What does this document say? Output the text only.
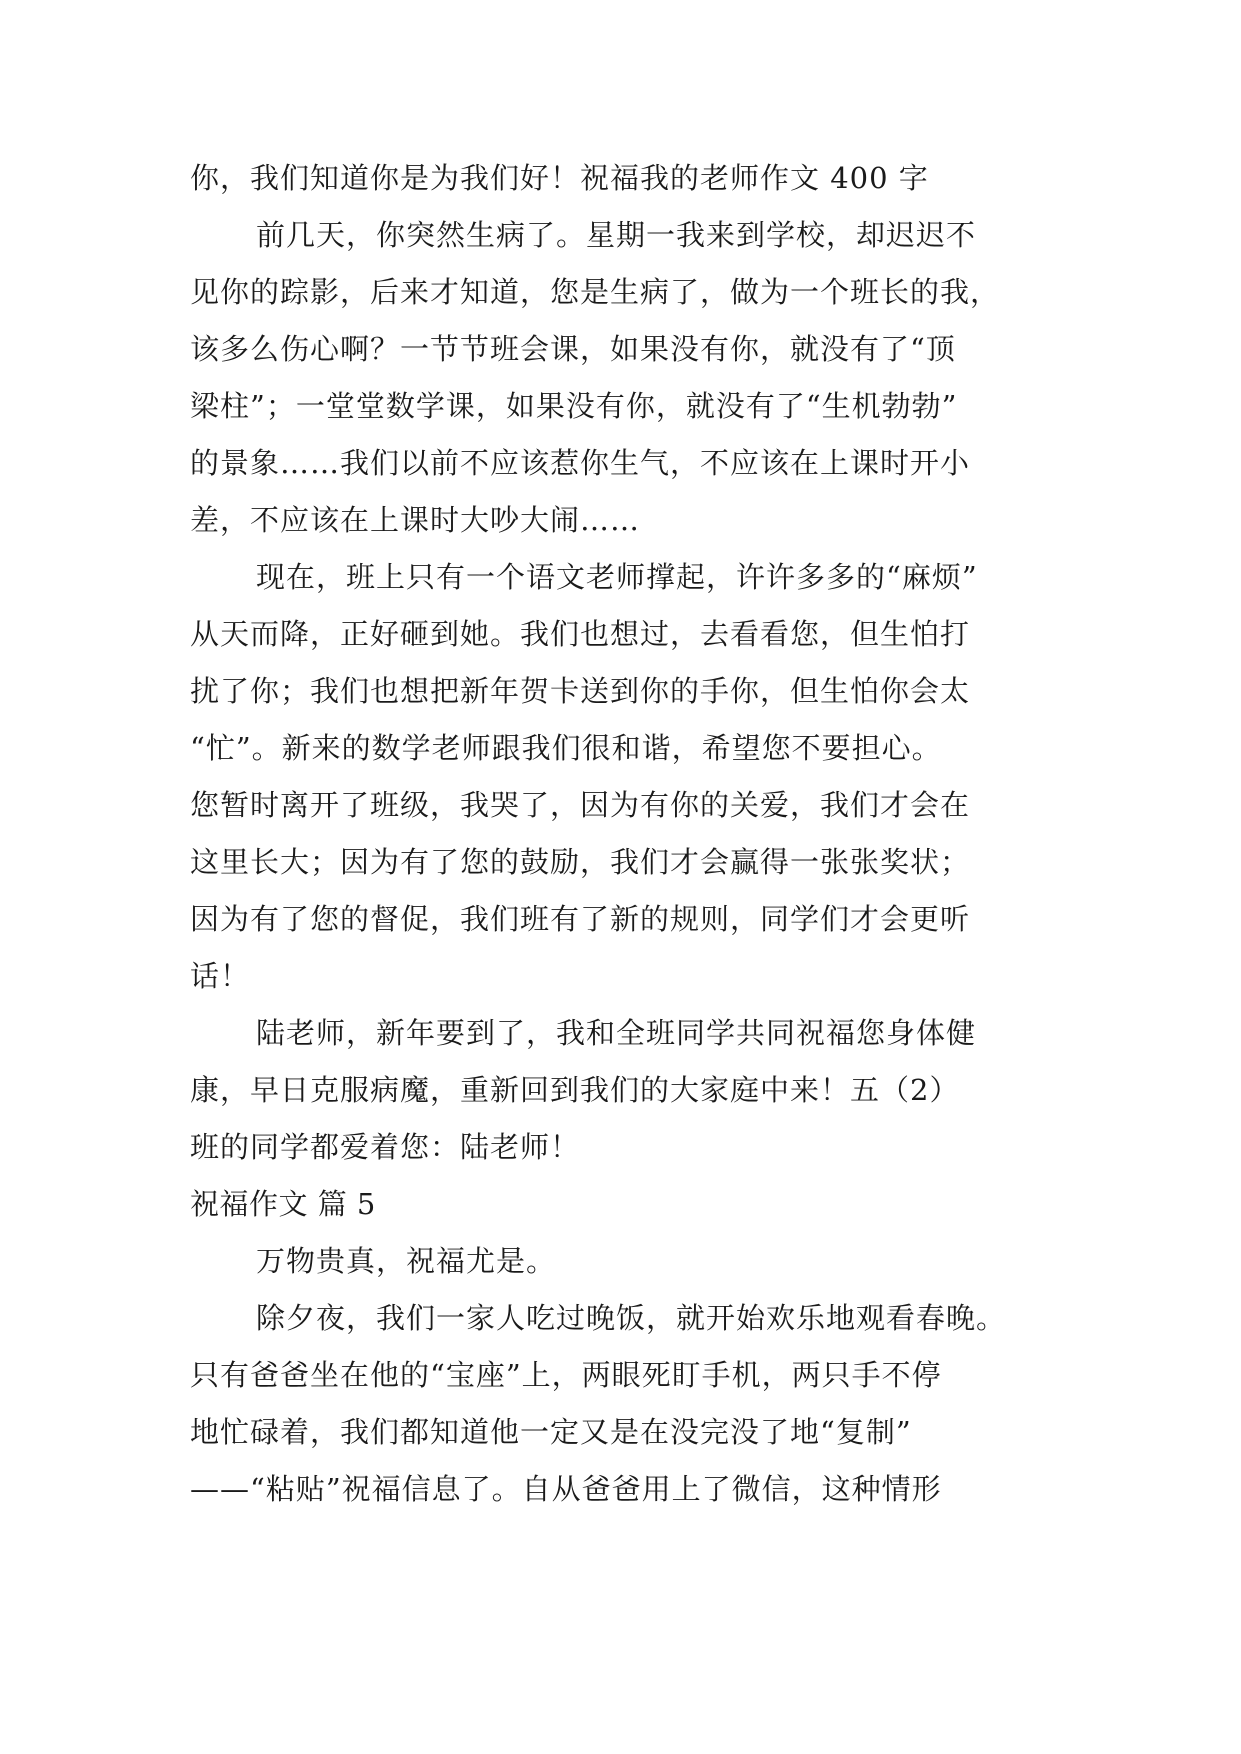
你，我们知道你是为我们好！祝福我的老师作文 400 字
前几天，你突然生病了。星期一我来到学校，却迟迟不
见你的踪影，后来才知道，您是生病了，做为一个班长的我，
该多么伤心啊？一节节班会课，如果没有你，就没有了“顶
梁柱”；一堂堂数学课，如果没有你，就没有了“生机勃勃”
的景象……我们以前不应该惹你生气，不应该在上课时开小
差，不应该在上课时大吵大闹……
现在，班上只有一个语文老师撑起，许许多多的“麻烦”
从天而降，正好砸到她。我们也想过，去看看您，但生怕打
扰了你；我们也想把新年贺卡送到你的手你，但生怕你会太
“忙”。新来的数学老师跟我们很和谐，希望您不要担心。
您暂时离开了班级，我哭了，因为有你的关爱，我们才会在
这里长大；因为有了您的鼓励，我们才会赢得一张张奖状；
因为有了您的督促，我们班有了新的规则，同学们才会更听
话！
陆老师，新年要到了，我和全班同学共同祝福您身体健
康，早日克服病魔，重新回到我们的大家庭中来！五（2）
班的同学都爱着您：陆老师！
祝福作文 篇 5
万物贵真，祝福尤是。
除夕夜，我们一家人吃过晚饭，就开始欢乐地观看春晚。
只有爸爸坐在他的“宝座”上，两眼死盯手机，两只手不停
地忙碌着，我们都知道他一定又是在没完没了地“复制”
——“粘贴”祝福信息了。自从爸爸用上了微信，这种情形
